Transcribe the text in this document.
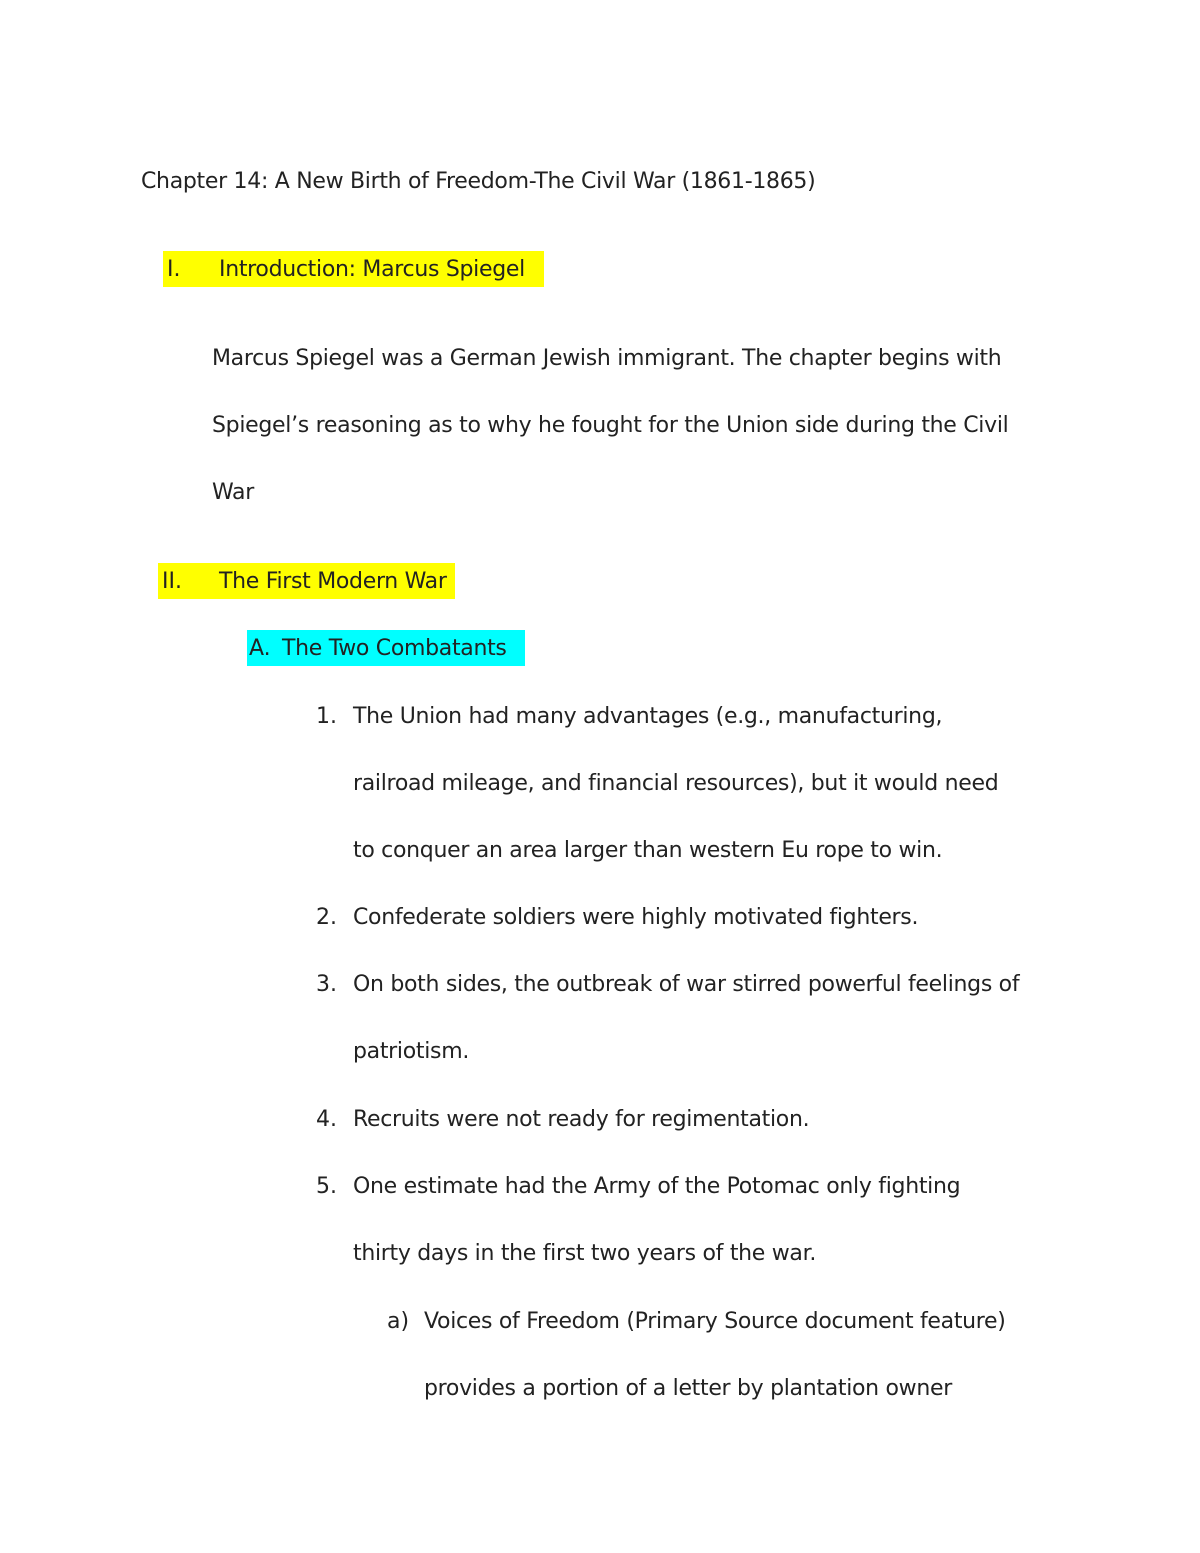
Chapter 14: A New Birth of Freedom-The Civil War (1861-1865)
I. Introduction: Marcus Spiegel
Marcus Spiegel was a German Jewish immigrant. The chapter begins with
Spiegel’s reasoning as to why he fought for the Union side during the Civil
War
II. The First Modern War
A. The Two Combatants
1. The Union had many advantages (e.g., manufacturing,
railroad mileage, and financial resources), but it would need
to conquer an area larger than western Eu rope to win.
2. Confederate soldiers were highly motivated fighters.
3. On both sides, the outbreak of war stirred powerful feelings of
patriotism.
4. Recruits were not ready for regimentation.
5. One estimate had the Army of the Potomac only fighting
thirty days in the first two years of the war.
a) Voices of Freedom (Primary Source document feature)
provides a portion of a letter by plantation owner
